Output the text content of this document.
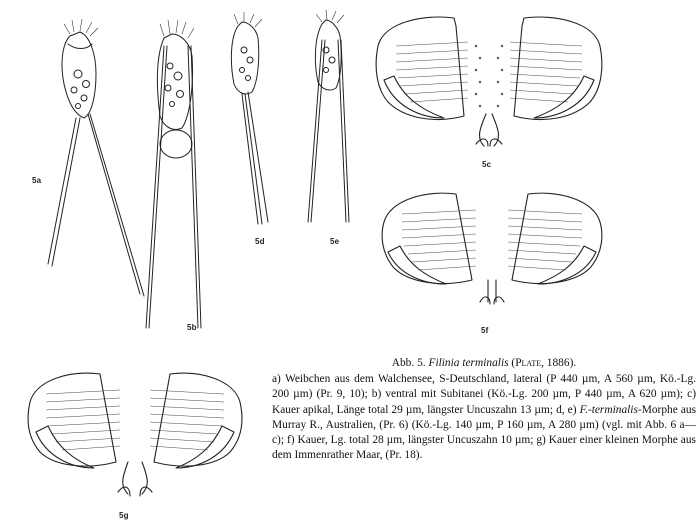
5a
5b
5d	5e
5c
5f
5g
Abb. 5. Filinia terminalis (Plate, 1886).
a) Weibchen aus dem Walchensee, S-Deutschland, lateral (P 440 µm, A 560 µm, Kö.-Lg. 200 µm) (Pr. 9, 10); b) ventral mit Subitanei (Kö.-Lg. 200 µm, P 440 µm, A 620 µm); c) Kauer apikal, Länge total 29 µm, längster Uncuszahn 13 µm; d, e) F.-terminalis-Morphe aus Murray R., Australien, (Pr. 6) (Kö.-Lg. 140 µm, P 160 µm, A 280 µm) (vgl. mit Abb. 6 a—c); f) Kauer, Lg. total 28 µm, längster Uncuszahn 10 µm; g) Kauer einer kleinen Morphe aus dem Immenrather Maar, (Pr. 18).
